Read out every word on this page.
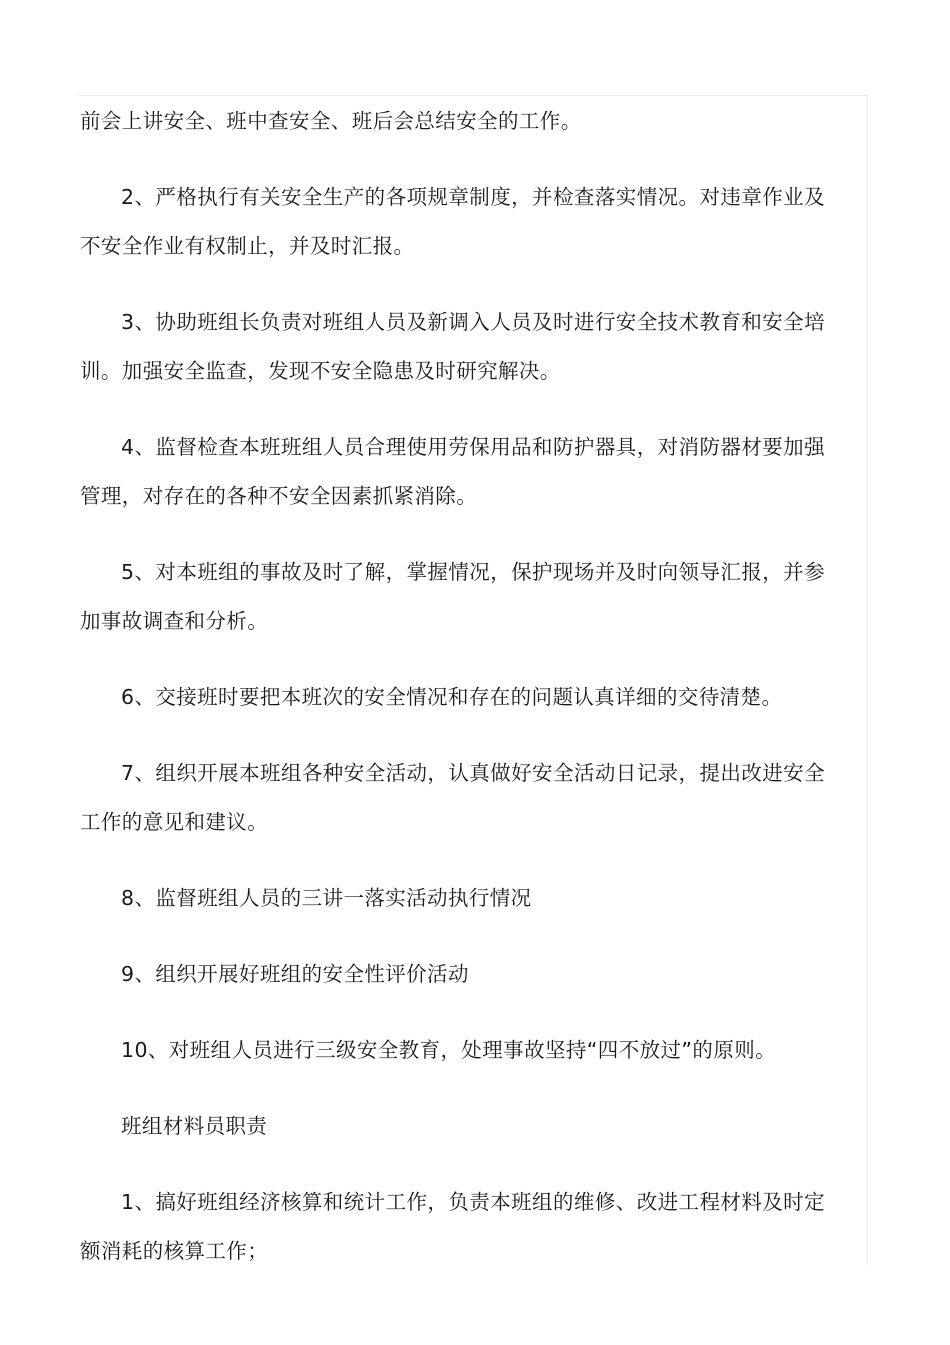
前会上讲安全、班中查安全、班后会总结安全的工作。

2、严格执行有关安全生产的各项规章制度，并检查落实情况。对违章作业及不安全作业有权制止，并及时汇报。

3、协助班组长负责对班组人员及新调入人员及时进行安全技术教育和安全培训。加强安全监查，发现不安全隐患及时研究解决。

4、监督检查本班班组人员合理使用劳保用品和防护器具，对消防器材要加强管理，对存在的各种不安全因素抓紧消除。

5、对本班组的事故及时了解，掌握情况，保护现场并及时向领导汇报，并参加事故调查和分析。

6、交接班时要把本班次的安全情况和存在的问题认真详细的交待清楚。

7、组织开展本班组各种安全活动，认真做好安全活动日记录，提出改进安全工作的意见和建议。

8、监督班组人员的三讲一落实活动执行情况

9、组织开展好班组的安全性评价活动

10、对班组人员进行三级安全教育，处理事故坚持“四不放过”的原则。

班组材料员职责

1、搞好班组经济核算和统计工作，负责本班组的维修、改进工程材料及时定额消耗的核算工作；
